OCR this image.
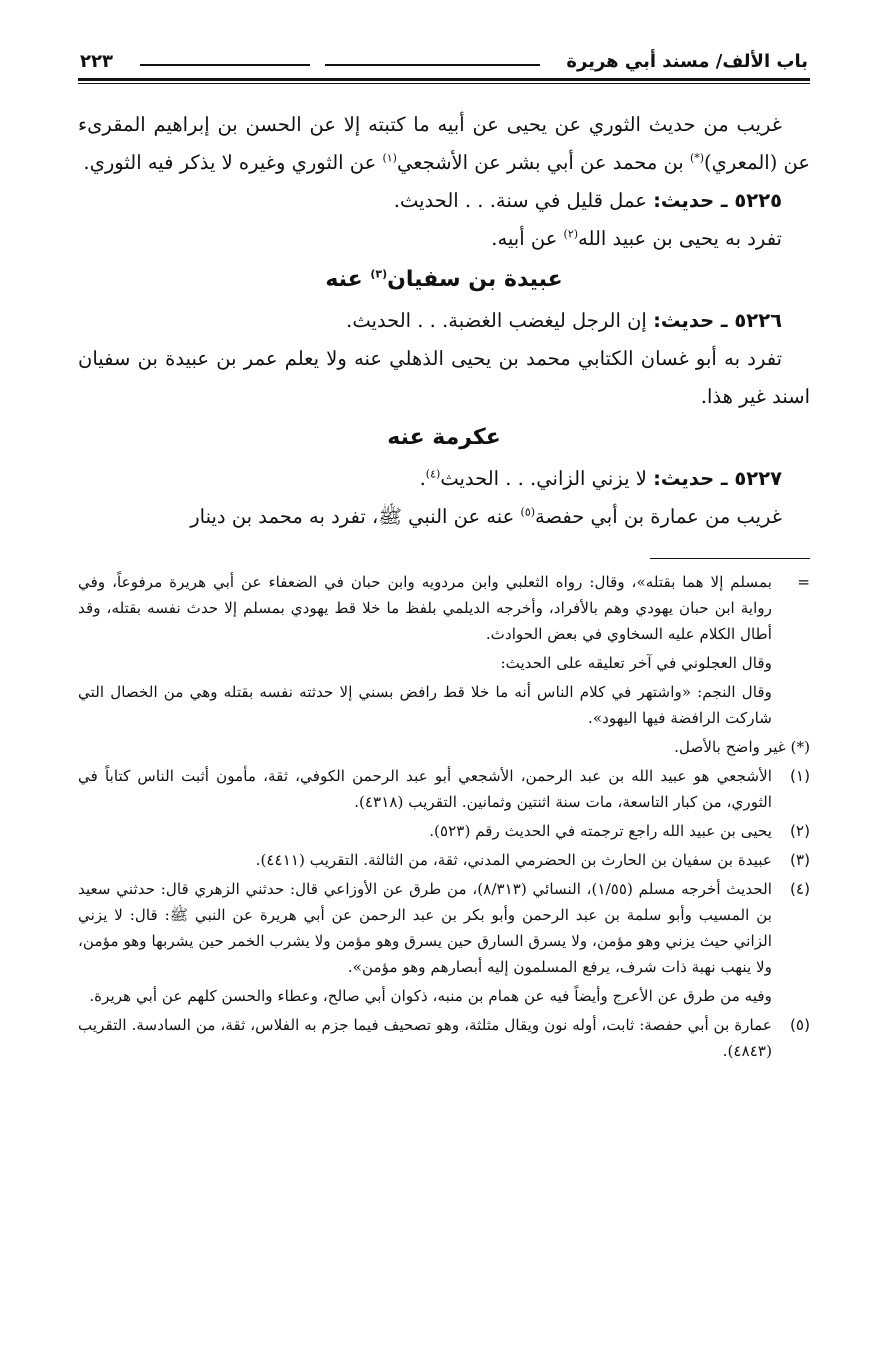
باب الألف/ مسند أبي هريرة
٢٢٣

غريب من حديث الثوري عن يحيى عن أبيه ما كتبته إلا عن الحسن بن إبراهيم المقرىء عن (المعري)(*) بن محمد عن أبي بشر عن الأشجعي$^{(١)}$ عن الثوري وغيره لا يذكر فيه الثوري.

٥٢٢٥ ـ حديث: عمل قليل في سنة. . . الحديث.

تفرد به يحيى بن عبيد الله$^{(٢)}$ عن أبيه.

عبيدة بن سفيان$^{(٣)}$ عنه

٥٢٢٦ ـ حديث: إن الرجل ليغضب الغضبة. . . الحديث.

تفرد به أبو غسان الكتابي محمد بن يحيى الذهلي عنه ولا يعلم عمر بن عبيدة بن سفيان اسند غير هذا.

عكرمة عنه

٥٢٢٧ ـ حديث: لا يزني الزاني. . . الحديث$^{(٤)}$.

غريب من عمارة بن أبي حفصة$^{(٥)}$ عنه عن النبي ﷺ، تفرد به محمد بن دينار

=
بمسلم إلا هما بقتله»، وقال: رواه الثعلبي وابن مردويه وابن حبان في الضعفاء عن أبي هريرة مرفوعاً، وفي رواية ابن حبان يهودي وهم بالأفراد، وأخرجه الديلمي بلفظ ما خلا قط يهودي بمسلم إلا حدث نفسه بقتله، وقد أطال الكلام عليه السخاوي في بعض الحوادث.

وقال العجلوني في آخر تعليقه على الحديث:

وقال النجم: «واشتهر في كلام الناس أنه ما خلا قط رافض بسني إلا حدثته نفسه بقتله وهي من الخصال التي شاركت الرافضة فيها اليهود».

(*) غير واضح بالأصل.

(١)
الأشجعي هو عبيد الله بن عبد الرحمن، الأشجعي أبو عبد الرحمن الكوفي، ثقة، مأمون أثبت الناس كتاباً في الثوري، من كبار التاسعة، مات سنة اثنتين وثمانين. التقريب (٤٣١٨).

(٢)
يحيى بن عبيد الله راجع ترجمته في الحديث رقم (٥٢٣).

(٣)
عبيدة بن سفيان بن الحارث بن الحضرمي المدني، ثقة، من الثالثة. التقريب (٤٤١١).

(٤)
الحديث أخرجه مسلم (١/٥٥)، النسائي (٨/٣١٣)، من طرق عن الأوزاعي قال: حدثني الزهري قال: حدثني سعيد بن المسيب وأبو سلمة بن عبد الرحمن وأبو بكر بن عبد الرحمن عن أبي هريرة عن النبي ﷺ: قال: لا يزني الزاني حيث يزني وهو مؤمن، ولا يسرق السارق حين يسرق وهو مؤمن ولا يشرب الخمر حين يشربها وهو مؤمن، ولا ينهب نهبة ذات شرف، يرفع المسلمون إليه أبصارهم وهو مؤمن».

وفيه من طرق عن الأعرج وأيضاً فيه عن همام بن منبه، ذكوان أبي صالح، وعطاء والحسن كلهم عن أبي هريرة.

(٥)
عمارة بن أبي حفصة: ثابت، أوله نون ويقال مثلثة، وهو تصحيف فيما جزم به الفلاس، ثقة، من السادسة. التقريب (٤٨٤٣).
